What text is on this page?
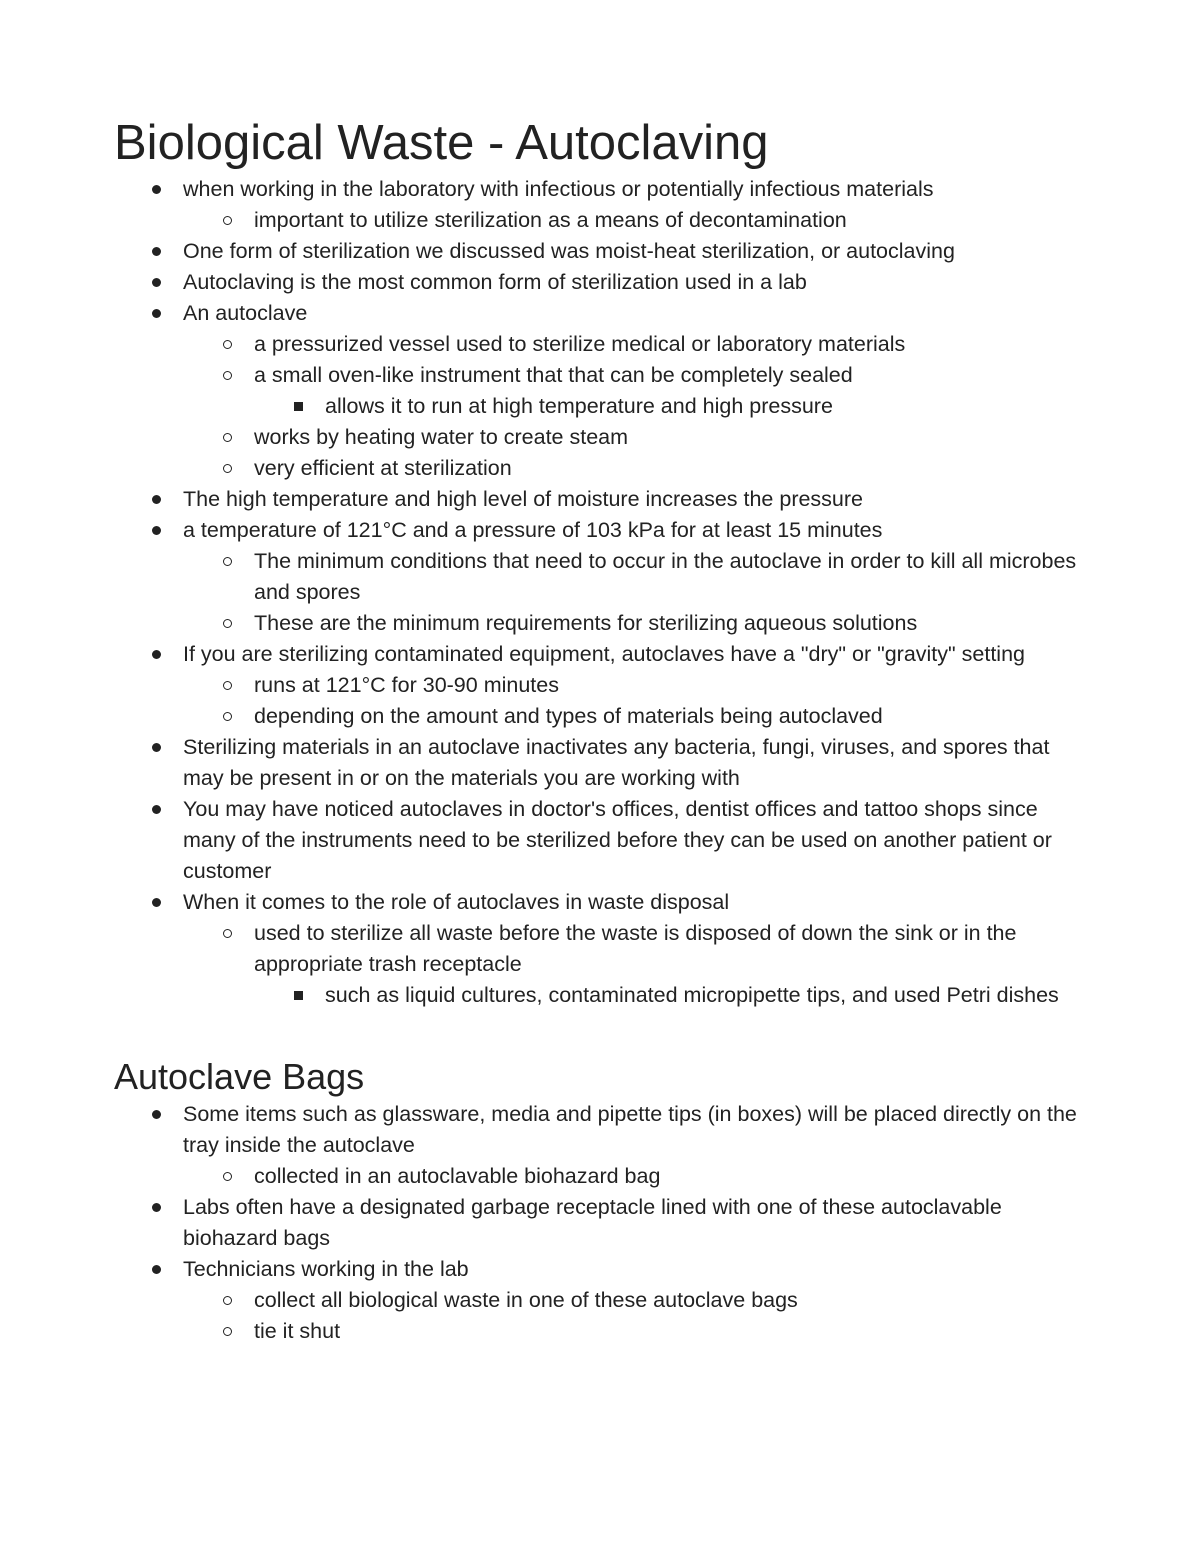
Biological Waste - Autoclaving
when working in the laboratory with infectious or potentially infectious materials
important to utilize sterilization as a means of decontamination
One form of sterilization we discussed was moist-heat sterilization, or autoclaving
Autoclaving is the most common form of sterilization used in a lab
An autoclave
a pressurized vessel used to sterilize medical or laboratory materials
a small oven-like instrument that that can be completely sealed
allows it to run at high temperature and high pressure
works by heating water to create steam
very efficient at sterilization
The high temperature and high level of moisture increases the pressure
a temperature of 121°C and a pressure of 103 kPa for at least 15 minutes
The minimum conditions that need to occur in the autoclave in order to kill all microbes and spores
These are the minimum requirements for sterilizing aqueous solutions
If you are sterilizing contaminated equipment, autoclaves have a "dry" or "gravity" setting
runs at 121°C for 30-90 minutes
depending on the amount and types of materials being autoclaved
Sterilizing materials in an autoclave inactivates any bacteria, fungi, viruses, and spores that may be present in or on the materials you are working with
You may have noticed autoclaves in doctor's offices, dentist offices and tattoo shops since many of the instruments need to be sterilized before they can be used on another patient or customer
When it comes to the role of autoclaves in waste disposal
used to sterilize all waste before the waste is disposed of down the sink or in the appropriate trash receptacle
such as liquid cultures, contaminated micropipette tips, and used Petri dishes
Autoclave Bags
Some items such as glassware, media and pipette tips (in boxes) will be placed directly on the tray inside the autoclave
collected in an autoclavable biohazard bag
Labs often have a designated garbage receptacle lined with one of these autoclavable biohazard bags
Technicians working in the lab
collect all biological waste in one of these autoclave bags
tie it shut
